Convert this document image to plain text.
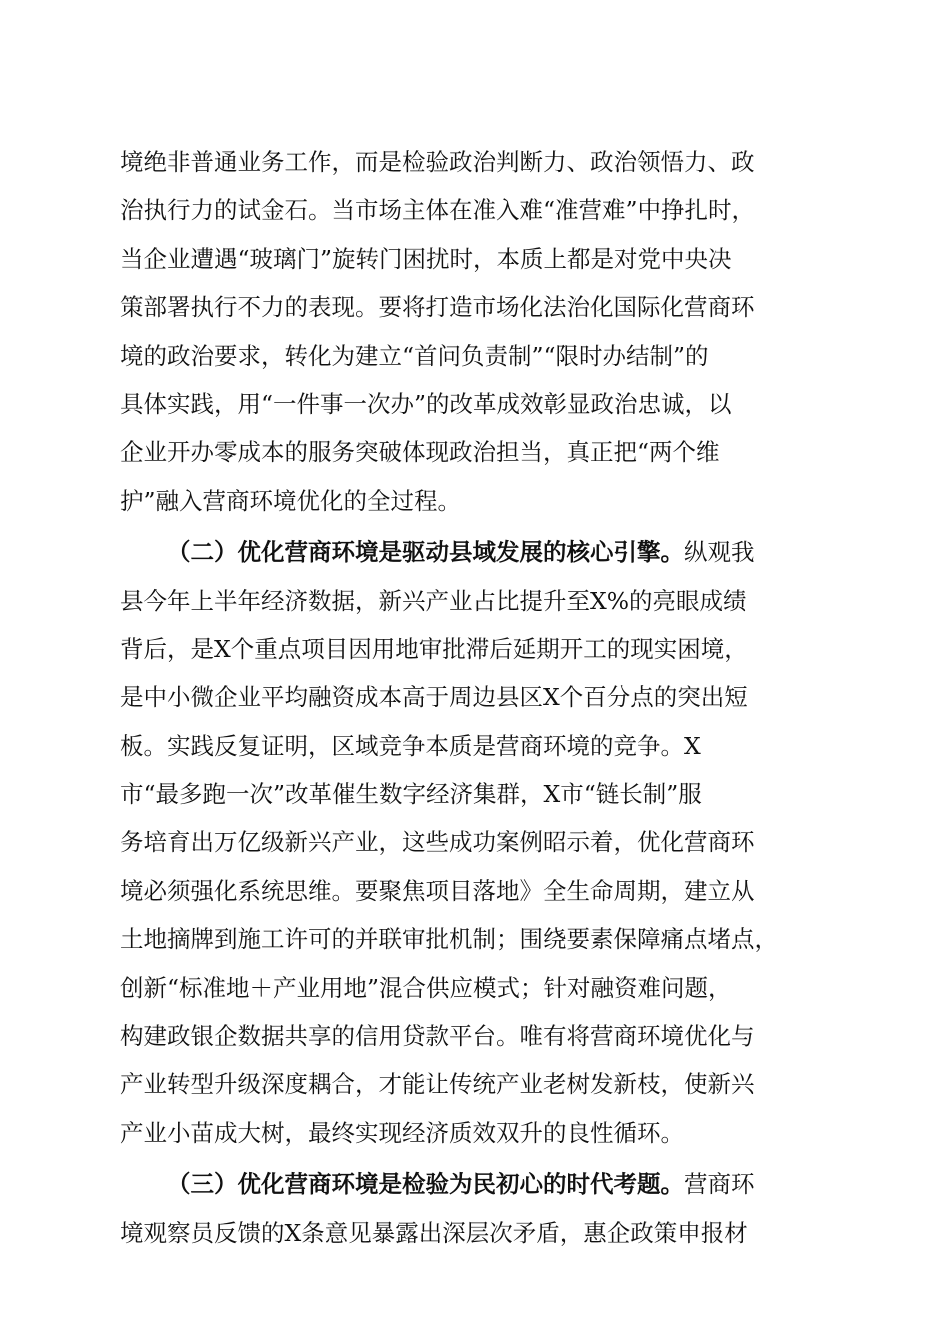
境绝非普通业务工作，而是检验政治判断力、政治领悟力、政
治执行力的试金石。当市场主体在准入难“准营难”中挣扎时，
当企业遭遇“玻璃门”旋转门困扰时，本质上都是对党中央决
策部署执行不力的表现。要将打造市场化法治化国际化营商环
境的政治要求，转化为建立“首问负责制”“限时办结制”的
具体实践，用“一件事一次办”的改革成效彰显政治忠诚，以
企业开办零成本的服务突破体现政治担当，真正把“两个维
护”融入营商环境优化的全过程。
（二）优化营商环境是驱动县域发展的核心引擎。纵观我
县今年上半年经济数据，新兴产业占比提升至X%的亮眼成绩
背后，是X个重点项目因用地审批滞后延期开工的现实困境，
是中小微企业平均融资成本高于周边县区X个百分点的突出短
板。实践反复证明，区域竞争本质是营商环境的竞争。X
市“最多跑一次”改革催生数字经济集群，X市“链长制”服
务培育出万亿级新兴产业，这些成功案例昭示着，优化营商环
境必须强化系统思维。要聚焦项目落地》全生命周期，建立从
土地摘牌到施工许可的并联审批机制；围绕要素保障痛点堵点，
创新“标准地＋产业用地”混合供应模式；针对融资难问题，
构建政银企数据共享的信用贷款平台。唯有将营商环境优化与
产业转型升级深度耦合，才能让传统产业老树发新枝，使新兴
产业小苗成大树，最终实现经济质效双升的良性循环。
（三）优化营商环境是检验为民初心的时代考题。营商环
境观察员反馈的X条意见暴露出深层次矛盾，惠企政策申报材
